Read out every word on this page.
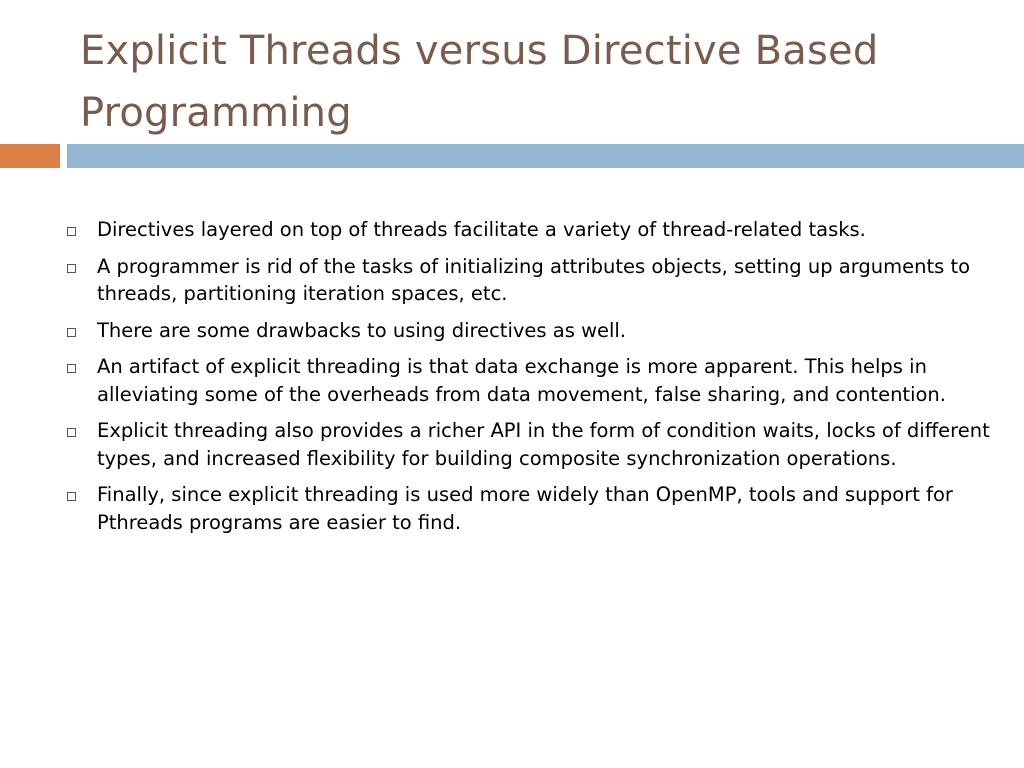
Explicit Threads versus Directive Based Programming
Directives layered on top of threads facilitate a variety of thread-related tasks.
A programmer is rid of the tasks of initializing attributes objects, setting up arguments to threads, partitioning iteration spaces, etc.
There are some drawbacks to using directives as well.
An artifact of explicit threading is that data exchange is more apparent. This helps in alleviating some of the overheads from data movement, false sharing, and contention.
Explicit threading also provides a richer API in the form of condition waits, locks of different types, and increased flexibility for building composite synchronization operations.
Finally, since explicit threading is used more widely than OpenMP, tools and support for Pthreads programs are easier to find.
